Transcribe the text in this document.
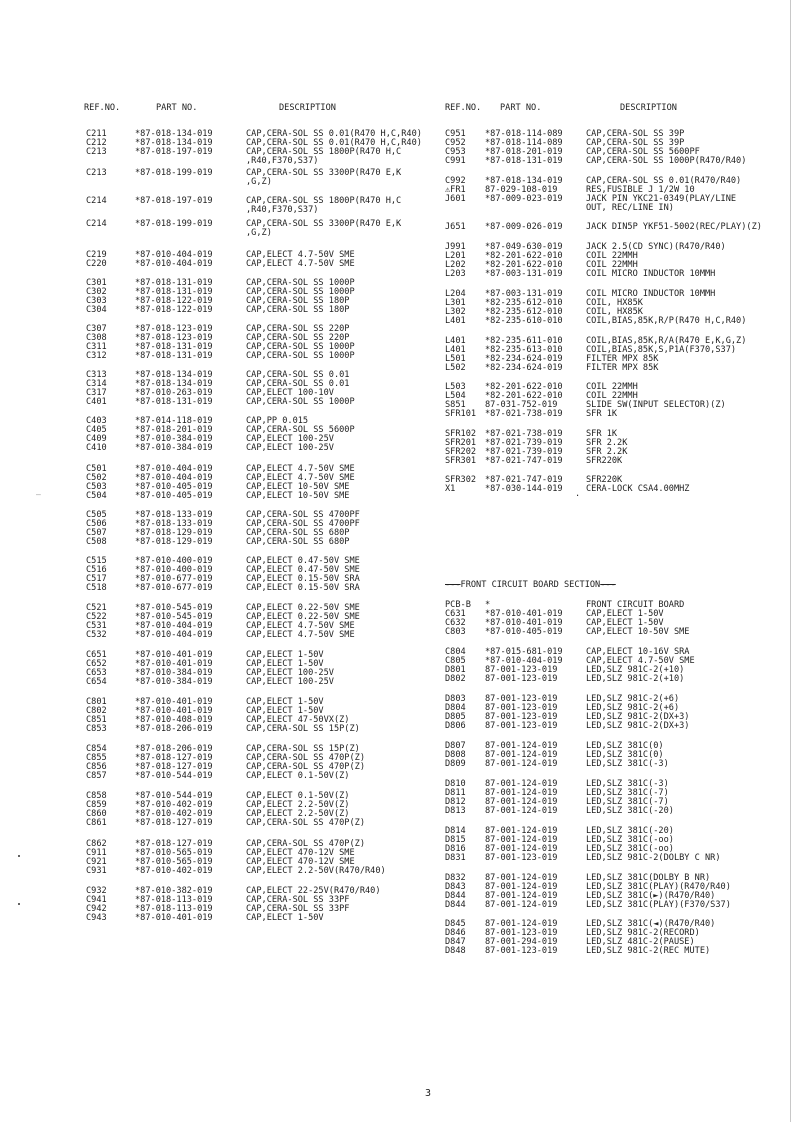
—
REF.NO.	PART NO.	DESCRIPTION
C211	*87-018-134-019	CAP,CERA-SOL SS 0.01(R470 H,C,R40)
C212	*87-018-134-019	CAP,CERA-SOL SS 0.01(R470 H,C,R40)
C213	*87-018-197-019	CAP,CERA-SOL SS 1800P(R470 H,C
,R40,F370,S37)
C213	*87-018-199-019	CAP,CERA-SOL SS 3300P(R470 E,K
,G,Z)
C214	*87-018-197-019	CAP,CERA-SOL SS 1800P(R470 H,C
,R40,F370,S37)
C214	*87-018-199-019	CAP,CERA-SOL SS 3300P(R470 E,K
,G,Z)
C219	*87-010-404-019	CAP,ELECT 4.7-50V SME
C220	*87-010-404-019	CAP,ELECT 4.7-50V SME
C301	*87-018-131-019	CAP,CERA-SOL SS 1000P
C302	*87-018-131-019	CAP,CERA-SOL SS 1000P
C303	*87-018-122-019	CAP,CERA-SOL SS 180P
C304	*87-018-122-019	CAP,CERA-SOL SS 180P
C307	*87-018-123-019	CAP,CERA-SOL SS 220P
C308	*87-018-123-019	CAP,CERA-SOL SS 220P
C311	*87-018-131-019	CAP,CERA-SOL SS 1000P
C312	*87-018-131-019	CAP,CERA-SOL SS 1000P
C313	*87-018-134-019	CAP,CERA-SOL SS 0.01
C314	*87-018-134-019	CAP,CERA-SOL SS 0.01
C317	*87-010-263-019	CAP,ELECT 100-10V
C401	*87-018-131-019	CAP,CERA-SOL SS 1000P
C403	*87-014-118-019	CAP,PP 0.015
C405	*87-018-201-019	CAP,CERA-SOL SS 5600P
C409	*87-010-384-019	CAP,ELECT 100-25V
C410	*87-010-384-019	CAP,ELECT 100-25V
C501	*87-010-404-019	CAP,ELECT 4.7-50V SME
C502	*87-010-404-019	CAP,ELECT 4.7-50V SME
C503	*87-010-405-019	CAP,ELECT 10-50V SME
C504	*87-010-405-019	CAP,ELECT 10-50V SME
C505	*87-018-133-019	CAP,CERA-SOL SS 4700PF
C506	*87-018-133-019	CAP,CERA-SOL SS 4700PF
C507	*87-018-129-019	CAP,CERA-SOL SS 680P
C508	*87-018-129-019	CAP,CERA-SOL SS 680P
C515	*87-010-400-019	CAP,ELECT 0.47-50V SME
C516	*87-010-400-019	CAP,ELECT 0.47-50V SME
C517	*87-010-677-019	CAP,ELECT 0.15-50V SRA
C518	*87-010-677-019	CAP,ELECT 0.15-50V SRA
C521	*87-010-545-019	CAP,ELECT 0.22-50V SME
C522	*87-010-545-019	CAP,ELECT 0.22-50V SME
C531	*87-010-404-019	CAP,ELECT 4.7-50V SME
C532	*87-010-404-019	CAP,ELECT 4.7-50V SME
C651	*87-010-401-019	CAP,ELECT 1-50V
C652	*87-010-401-019	CAP,ELECT 1-50V
C653	*87-010-384-019	CAP,ELECT 100-25V
C654	*87-010-384-019	CAP,ELECT 100-25V
C801	*87-010-401-019	CAP,ELECT 1-50V
C802	*87-010-401-019	CAP,ELECT 1-50V
C851	*87-010-408-019	CAP,ELECT 47-50VX(Z)
C853	*87-018-206-019	CAP,CERA-SOL SS 15P(Z)
C854	*87-018-206-019	CAP,CERA-SOL SS 15P(Z)
C855	*87-018-127-019	CAP,CERA-SOL SS 470P(Z)
C856	*87-018-127-019	CAP,CERA-SOL SS 470P(Z)
C857	*87-010-544-019	CAP,ELECT 0.1-50V(Z)
C858	*87-010-544-019	CAP,ELECT 0.1-50V(Z)
C859	*87-010-402-019	CAP,ELECT 2.2-50V(Z)
C860	*87-010-402-019	CAP,ELECT 2.2-50V(Z)
C861	*87-018-127-019	CAP,CERA-SOL SS 470P(Z)
C862	*87-018-127-019	CAP,CERA-SOL SS 470P(Z)
C911	*87-010-565-019	CAP,ELECT 470-12V SME
C921	*87-010-565-019	CAP,ELECT 470-12V SME
C931	*87-010-402-019	CAP,ELECT 2.2-50V(R470/R40)
C932	*87-010-382-019	CAP,ELECT 22-25V(R470/R40)
C941	*87-018-113-019	CAP,CERA-SOL SS 33PF
C942	*87-018-113-019	CAP,CERA-SOL SS 33PF
C943	*87-010-401-019	CAP,ELECT 1-50V
REF.NO. PART NO.	DESCRIPTION
C951 *87-018-114-089	CAP,CERA-SOL SS 39P
C952 *87-018-114-089	CAP,CERA-SOL SS 39P
C953 *87-018-201-019	CAP,CERA-SOL SS 5600PF
C991 *87-018-131-019	CAP,CERA-SOL SS 1000P(R470/R40)
C992 *87-018-134-019	CAP,CERA-SOL SS 0.01(R470/R40)
⚠FR1 87-029-108-019	RES,FUSIBLE J 1/2W 10
J601 *87-009-023-019	JACK PIN YKC21-0349(PLAY/LINE
OUT, REC/LINE IN)
J651 *87-009-026-019	JACK DIN5P YKF51-5002(REC/PLAY)(Z)
J991 *87-049-630-019	JACK 2.5(CD SYNC)(R470/R40)
L201 *82-201-622-010	COIL 22MMH
L202 *82-201-622-010	COIL 22MMH
L203 *87-003-131-019	COIL MICRO INDUCTOR 10MMH
L204 *87-003-131-019	COIL MICRO INDUCTOR 10MMH
L301 *82-235-612-010	COIL, HX85K
L302 *82-235-612-010	COIL, HX85K
L401 *82-235-610-010	COIL,BIAS,85K,R/P(R470 H,C,R40)
L401 *82-235-611-010	COIL,BIAS,85K,R/A(R470 E,K,G,Z)
L401 *82-235-613-010	COIL,BIAS,85K,S,P1A(F370,S37)
L501 *82-234-624-019	FILTER MPX 85K
L502 *82-234-624-019	FILTER MPX 85K
L503 *82-201-622-010	COIL 22MMH
L504 *82-201-622-010	COIL 22MMH
S851 87-031-752-019	SLIDE SW(INPUT SELECTOR)(Z)
SFR101 *87-021-738-019	SFR 1K
SFR102 *87-021-738-019	SFR 1K
SFR201 *87-021-739-019	SFR 2.2K
SFR202 *87-021-739-019	SFR 2.2K
SFR301 *87-021-747-019	SFR220K
SFR302 *87-021-747-019	SFR220K
X1	*87-030-144-019	CERA-LOCK CSA4.00MHZ
---FRONT CIRCUIT BOARD SECTION---
PCB-B *	FRONT CIRCUIT BOARD
C631 *87-010-401-019	CAP,ELECT 1-50V
C632 *87-010-401-019	CAP,ELECT 1-50V
C803 *87-010-405-019	CAP,ELECT 10-50V SME
C804 *87-015-681-019	CAP,ELECT 10-16V SRA
C805 *87-010-404-019	CAP,ELECT 4.7-50V SME
D801 87-001-123-019	LED,SLZ 981C-2(+10)
D802 87-001-123-019	LED,SLZ 981C-2(+10)
D803 87-001-123-019	LED,SLZ 981C-2(+6)
D804 87-001-123-019	LED,SLZ 981C-2(+6)
D805 87-001-123-019	LED,SLZ 981C-2(DX+3)
D806 87-001-123-019	LED,SLZ 981C-2(DX+3)
D807 87-001-124-019	LED,SLZ 381C(0)
D808 87-001-124-019	LED,SLZ 381C(0)
D809 87-001-124-019	LED,SLZ 381C(-3)
D810 87-001-124-019	LED,SLZ 381C(-3)
D811 87-001-124-019	LED,SLZ 381C(-7)
D812 87-001-124-019	LED,SLZ 381C(-7)
D813 87-001-124-019	LED,SLZ 381C(-20)
D814 87-001-124-019	LED,SLZ 381C(-20)
D815 87-001-124-019	LED,SLZ 381C(-oo)
D816 87-001-124-019	LED,SLZ 381C(-oo)
D831 87-001-123-019	LED,SLZ 981C-2(DOLBY C NR)
D832 87-001-124-019	LED,SLZ 381C(DOLBY B NR)
D843 87-001-124-019	LED,SLZ 381C(PLAY)(R470/R40)
D844 87-001-124-019	LED,SLZ 381C(►)(R470/R40)
D844 87-001-124-019	LED,SLZ 381C(PLAY)(F370/S37)
D845 87-001-124-019	LED,SLZ 381C(◄)(R470/R40)
D846 87-001-123-019	LED,SLZ 981C-2(RECORD)
D847 87-001-294-019	LED,SLZ 481C-2(PAUSE)
D848 87-001-123-019	LED,SLZ 981C-2(REC MUTE)
.
3
